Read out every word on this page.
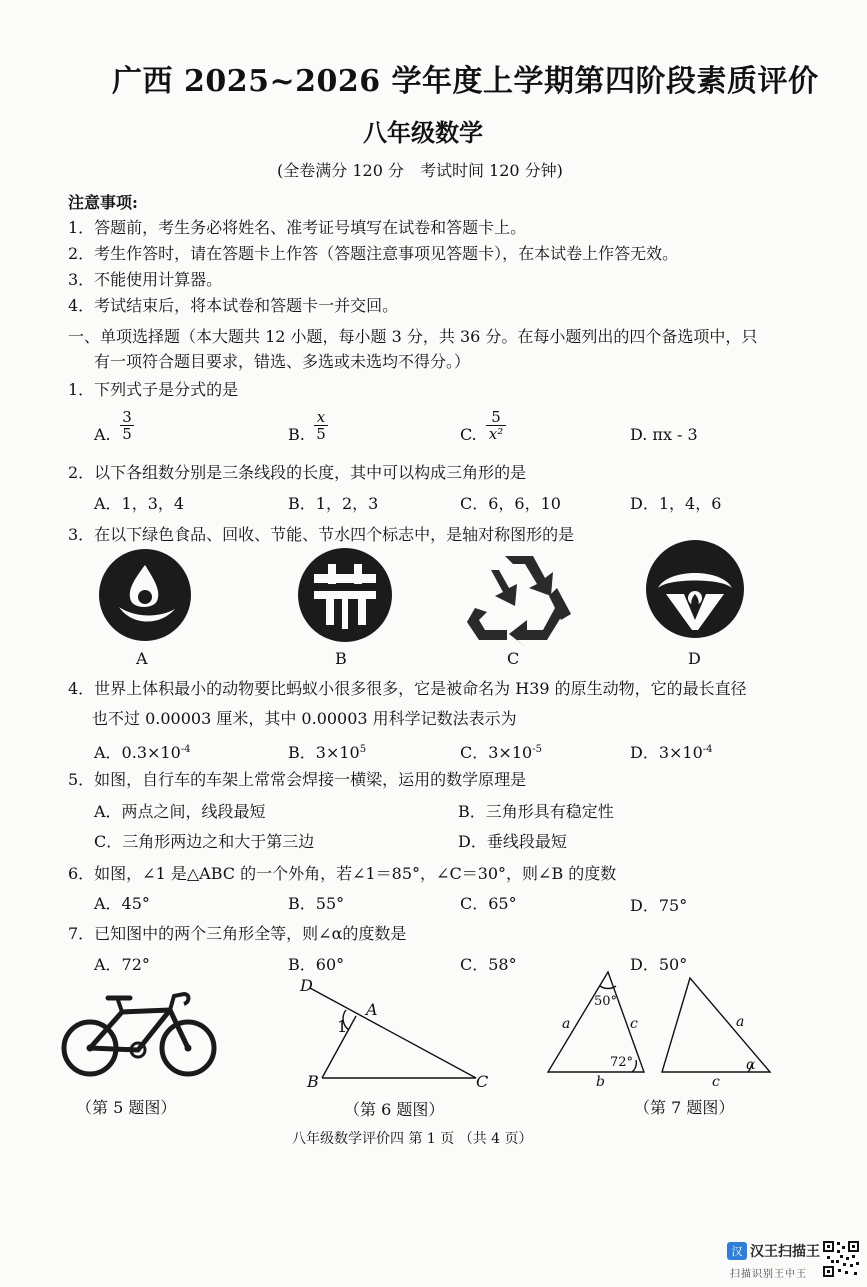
广西 2025~2026 学年度上学期第四阶段素质评价
八年级数学
(全卷满分 120 分　考试时间 120 分钟)
注意事项:
1．答题前，考生务必将姓名、准考证号填写在试卷和答题卡上。
2．考生作答时，请在答题卡上作答（答题注意事项见答题卡），在本试卷上作答无效。
3．不能使用计算器。
4．考试结束后，将本试卷和答题卡一并交回。
一、单项选择题（本大题共 12 小题，每小题 3 分，共 36 分。在每小题列出的四个备选项中，只
有一项符合题目要求，错选、多选或未选均不得分。）
1．下列式子是分式的是
A. $\frac{3}{5}$	B. $\frac{x}{5}$	C. $\frac{5}{\text{x²}}$	D. πx - 3
2．以下各组数分别是三条线段的长度，其中可以构成三角形的是
A．1，3，4	B．1，2，3	C．6，6，10	D．1，4，6
3．在以下绿色食品、回收、节能、节水四个标志中，是轴对称图形的是
A	B	C	D
4．世界上体积最小的动物要比蚂蚁小很多很多，它是被命名为 H39 的原生动物，它的最长直径
也不过 0.00003 厘米，其中 0.00003 用科学记数法表示为
A．$0.3\times 10^{-4}$	B．$3\times 10^5$	C．$3\times 10^{-5}$	D．$3\times 10^{-4}$
5．如图，自行车的车架上常常会焊接一横梁，运用的数学原理是
A．两点之间，线段最短	B．三角形具有稳定性
C．三角形两边之和大于第三边	D．垂线段最短
6．如图，∠1 是△ABC 的一个外角，若∠1＝85°，∠C＝30°，则∠B 的度数
A．45°	B．55°	C．65°	D．75°
7．已知图中的两个三角形全等，则∠α的度数是
A．72°	B．60°	C．58°	D．50°
（第 5 题图）
D
A
1
B	C
（第 6 题图）
50°
72°
a	c
b
a
c
α
（第 7 题图）
八年级数学评价四 第 1 页 （共 4 页）
汉 汉王扫描王
扫描识别王中王
